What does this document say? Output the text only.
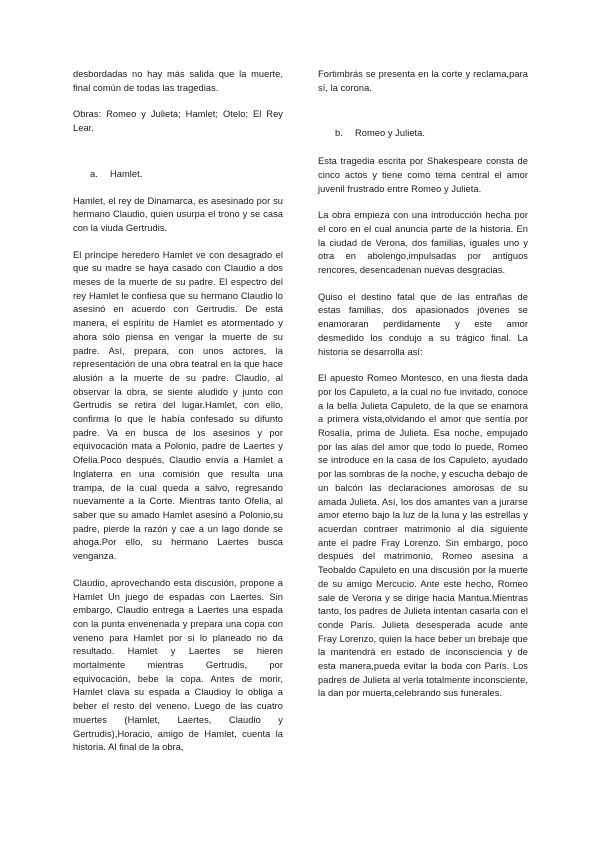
desbordadas no hay más salida que la muerte, final común de todas las tragedias.

Obras: Romeo y Julieta; Hamlet; Otelo; El Rey Lear.

a. Hamlet.

Hamlet, el rey de Dinamarca, es asesinado por su hermano Claudio, quien usurpa el trono y se casa con la viuda Gertrudis.

El príncipe heredero Hamlet ve con desagrado el que su madre se haya casado con Claudio a dos meses de la muerte de su padre. El espectro del rey Hamlet le confiesa que su hermano Claudio lo asesinó en acuerdo con Gertrudis. De esta manera, el espíritu de Hamlet es atormentado y ahora sólo piensa en vengar la muerte de su padre. Así, prepara, con unos actores, la representación de una obra teatral en la que hace alusión a la muerte de su padre. Claudio, al observar la obra, se siente aludido y junto con Gertrudis se retira del lugar.Hamlet, con ello, confirma lo que le había confesado su difunto padre. Va en busca de los asesinos y por equivocación mata a Polonio, padre de Laertes y Ofelia.Poco después, Claudio envía a Hamlet a Inglaterra en una comisión que resulta una trampa, de la cual queda a salvo, regresando nuevamente a la Corte. Mientras tanto Ofelia, al saber que su amado Hamlet asesinó a Polonio,su padre, pierde la razón y cae a un lago donde se ahoga.Por ello, su hermano Laertes busca venganza.

Claudio, aprovechando esta discusión, propone a Hamlet Un juego de espadas con Laertes. Sin embargo, Claudio entrega a Laertes una espada con la punta envenenada y prepara una copa con veneno para Hamlet por si lo planeado no da resultado. Hamlet y Laertes se hieren mortalmente mientras Gertrudis, por equivocación, bebe la copa. Antes de morir, Hamlet clava su espada a Claudioy lo obliga a beber el resto del veneno. Luego de las cuatro muertes (Hamlet, Laertes, Claudio y Gertrudis),Horacio, amigo de Hamlet, cuenta la historia. Al final de la obra,

Fortimbrás se presenta en la corte y reclama,para sí, la corona.

b. Romeo y Julieta.

Esta tragedia escrita por Shakespeare consta de cinco actos y tiene como tema central el amor juvenil frustrado entre Romeo y Julieta.

La obra empieza con una introducción hecha por el coro en el cual anuncia parte de la historia. En la ciudad de Verona, dos familias, iguales uno y otra en abolengo,impulsadas por antiguos rencores, desencadenan nuevas desgracias.

Quiso el destino fatal que de las entrañas de estas familias, dos apasionados jóvenes se enamoraran perdidamente y este amor desmedido los condujo a su trágico final. La historia se desarrolla así:

El apuesto Romeo Montesco, en una fiesta dada por los Capuleto, a la cual no fue invitado, conoce a la bella Julieta Capuleto, de la que se enamora a primera vista,olvidando el amor que sentía por Rosalía, prima de Julieta. Esa noche, empujado por las alas del amor que todo lo puede, Romeo se introduce en la casa de los Capuleto, ayudado por las sombras de la noche, y escucha debajo de un balcón las declaraciones amorosas de su amada Julieta. Así, los dos amantes van a jurarse amor eterno bajo la luz de la luna y las estrellas y acuerdan contraer matrimonio al día siguiente ante el padre Fray Lorenzo. Sin embargo, poco después del matrimonio, Romeo asesina a Teobaldo Capuleto en una discusión por la muerte de su amigo Mercucio. Ante este hecho, Romeo sale de Verona y se dirige hacia Mantua.Mientras tanto, los padres de Julieta intentan casarla con el conde París. Julieta desesperada acude ante Fray Lorenzo, quien la hace beber un brebaje que la mantendrá en estado de inconsciencia y de esta manera,pueda evitar la boda con París. Los padres de Julieta al verla totalmente inconsciente, la dan por muerta,celebrando sus funerales.
